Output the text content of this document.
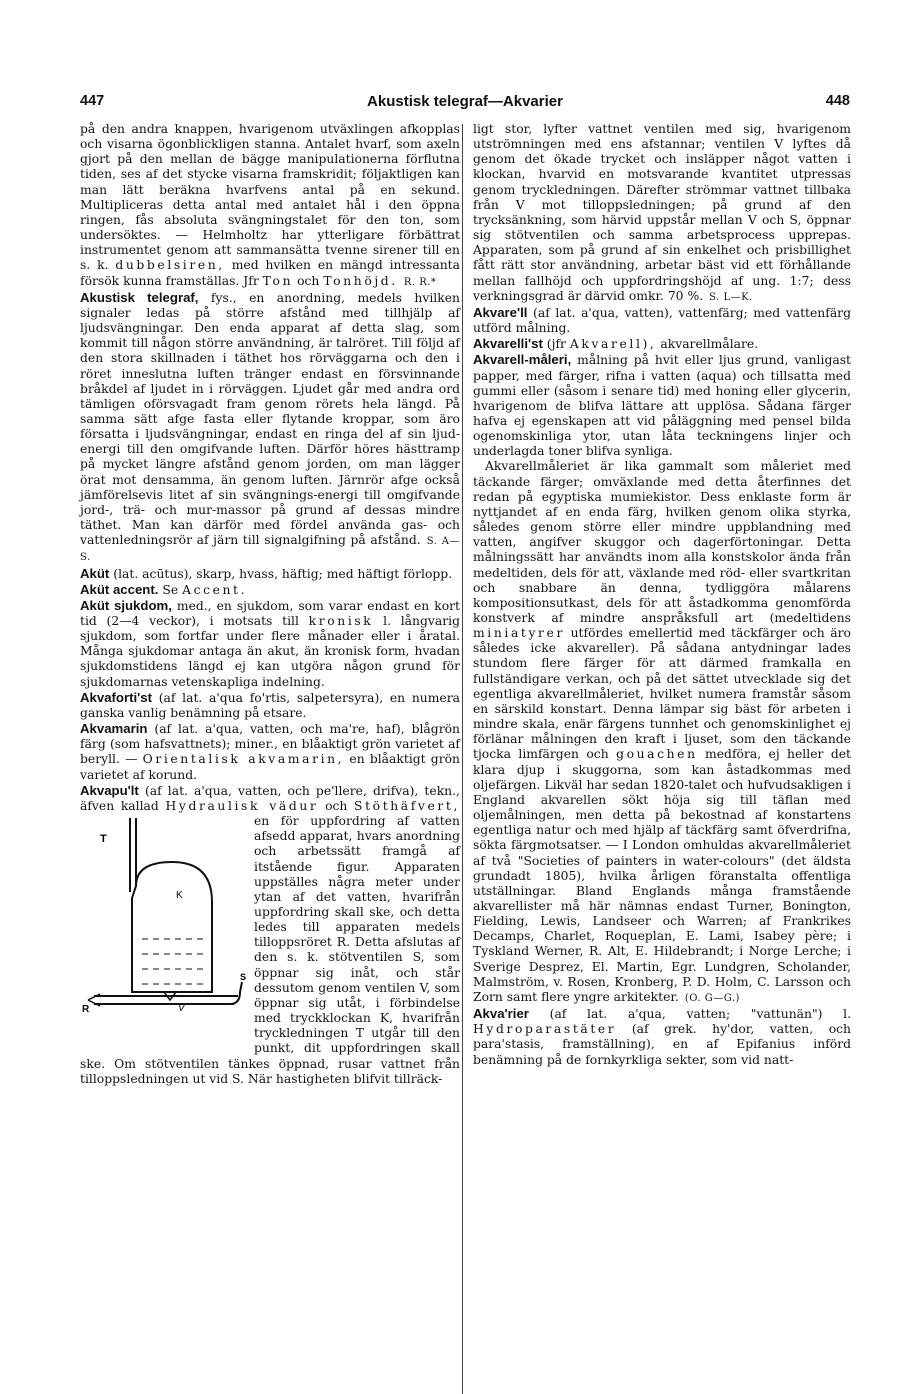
447	Akustisk telegraf—Akvarier	448

på den andra knappen, hvarigenom utväxlingen afkopplas och visarna ögonblickligen stanna. Antalet hvarf, som axeln gjort på den mellan de bägge manipulationerna förflutna tiden, ses af det stycke visarna framskridit; följaktligen kan man lätt beräkna hvarfvens antal på en sekund. Multipliceras detta antal med antalet hål i den öppna ringen, fås absoluta svängningstalet för den ton, som undersöktes. — Helmholtz har ytterligare förbättrat instrumentet genom att sammansätta tvenne sirener till en s. k. dubbelsiren, med hvilken en mängd intressanta försök kunna framställas. Jfr Ton och Tonhöjd. R. R.*

Akustisk telegraf, fys., en anordning, medels hvilken signaler ledas på större afstånd med tillhjälp af ljudsvängningar. Den enda apparat af detta slag, som kommit till någon större användning, är talröret. Till följd af den stora skillnaden i täthet hos rörväggarna och den i röret inneslutna luften tränger endast en försvinnande bråkdel af ljudet in i rörväggen. Ljudet går med andra ord tämligen oförsvagadt fram genom rörets hela längd. På samma sätt afge fasta eller flytande kroppar, som äro försatta i ljudsvängningar, endast en ringa del af sin ljud-energi till den omgifvande luften. Därför höres hästtramp på mycket längre afstånd genom jorden, om man lägger örat mot densamma, än genom luften. Järnrör afge också jämförelsevis litet af sin svängnings-energi till omgifvande jord-, trä- och mur-massor på grund af dessas mindre täthet. Man kan därför med fördel använda gas- och vattenledningsrör af järn till signalgifning på afstånd. S. A—S.

Aküt (lat. acūtus), skarp, hvass, häftig; med häftigt förlopp.

Aküt accent. Se Accent.

Aküt sjukdom, med., en sjukdom, som varar endast en kort tid (2—4 veckor), i motsats till kronisk l. långvarig sjukdom, som fortfar under flere månader eller i åratal. Många sjukdomar antaga än akut, än kronisk form, hvadan sjukdomstidens längd ej kan utgöra någon grund för sjukdomarnas vetenskapliga indelning.

Akvaforti'st (af lat. a'qua fo'rtis, salpetersyra), en numera ganska vanlig benämning på etsare.

Akvamarin (af lat. a'qua, vatten, och ma're, haf), blågrön färg (som hafsvattnets); miner., en blåaktigt grön varietet af beryll. — Orientalisk akvamarin, en blåaktigt grön varietet af korund.

Akvapu'lt (af lat. a'qua, vatten, och pe'llere, drifva), tekn., äfven kallad Hydraulisk vädur
T
K
V
R
S
och Stöthäfvert, en för uppfordring af vatten afsedd apparat, hvars anordning och arbetssätt framgå af itstående figur. Apparaten uppställes några meter under ytan af det vatten, hvarifrån uppfordring skall ske, och detta ledes till apparaten medels tilloppsröret R. Detta afslutas af den s. k. stötventilen S, som öppnar sig inåt, och står dessutom genom ventilen V, som öppnar sig utåt, i förbindelse med tryckklockan K, hvarifrån tryckledningen T utgår till den punkt, dit uppfordringen skall ske. Om stötventilen tänkes öppnad, rusar vattnet från tilloppsledningen ut vid S. När hastigheten blifvit tillräck-

ligt stor, lyfter vattnet ventilen med sig, hvarigenom utströmningen med ens afstannar; ventilen V lyftes då genom det ökade trycket och insläpper något vatten i klockan, hvarvid en motsvarande kvantitet utpressas genom tryckledningen. Därefter strömmar vattnet tillbaka från V mot tilloppsledningen; på grund af den trycksänkning, som härvid uppstår mellan V och S, öppnar sig stötventilen och samma arbetsprocess upprepas. Apparaten, som på grund af sin enkelhet och prisbillighet fått rätt stor användning, arbetar bäst vid ett förhållande mellan fallhöjd och uppfordringshöjd af ung. 1:7; dess verkningsgrad är därvid omkr. 70 %. S. L—K.

Akvare'll (af lat. a'qua, vatten), vattenfärg; med vattenfärg utförd målning.

Akvarelli'st (jfr Akvarell), akvarellmålare.

Akvarell-måleri, målning på hvit eller ljus grund, vanligast papper, med färger, rifna i vatten (aqua) och tillsatta med gummi eller (såsom i senare tid) med honing eller glycerin, hvarigenom de blifva lättare att upplösa. Sådana färger hafva ej egenskapen att vid påläggning med pensel bilda ogenomskinliga ytor, utan låta teckningens linjer och underlagda toner blifva synliga.

Akvarellmåleriet är lika gammalt som måleriet med täckande färger; omväxlande med detta återfinnes det redan på egyptiska mumiekistor. Dess enklaste form är nyttjandet af en enda färg, hvilken genom olika styrka, således genom större eller mindre uppblandning med vatten, angifver skuggor och dagerförtoningar. Detta målningssätt har användts inom alla konstskolor ända från medeltiden, dels för att, växlande med röd- eller svartkritan och snabbare än denna, tydliggöra målarens kompositionsutkast, dels för att åstadkomma genomförda konstverk af mindre anspråksfull art (medeltidens miniatyrer utfördes emellertid med täckfärger och äro således icke akvareller). På sådana antydningar lades stundom flere färger för att därmed framkalla en fullständigare verkan, och på det sättet utvecklade sig det egentliga akvarellmåleriet, hvilket numera framstår såsom en särskild konstart. Denna lämpar sig bäst för arbeten i mindre skala, enär färgens tunnhet och genomskinlighet ej förlänar målningen den kraft i ljuset, som den täckande tjocka limfärgen och gouachen medföra, ej heller det klara djup i skuggorna, som kan åstadkommas med oljefärgen. Likväl har sedan 1820-talet och hufvudsakligen i England akvarellen sökt höja sig till täflan med oljemålningen, men detta på bekostnad af konstartens egentliga natur och med hjälp af täckfärg samt öfverdrifna, sökta färgmotsatser. — I London omhuldas akvarellmåleriet af två "Societies of painters in water-colours" (det äldsta grundadt 1805), hvilka årligen föranstalta offentliga utställningar. Bland Englands många framstående akvarellister må här nämnas endast Turner, Bonington, Fielding, Lewis, Landseer och Warren; af Frankrikes Decamps, Charlet, Roqueplan, E. Lami, Isabey père; i Tyskland Werner, R. Alt, E. Hildebrandt; i Norge Lerche; i Sverige Desprez, El. Martin, Egr. Lundgren, Scholander, Malmström, v. Rosen, Kronberg, P. D. Holm, C. Larsson och Zorn samt flere yngre arkitekter. (O. G—G.)

Akva'rier (af lat. a'qua, vatten; "vattunän") l. Hydroparastäter (af grek. hy'dor, vatten, och para'stasis, framställning), en af Epifanius införd benämning på de fornkyrkliga sekter, som vid natt-
